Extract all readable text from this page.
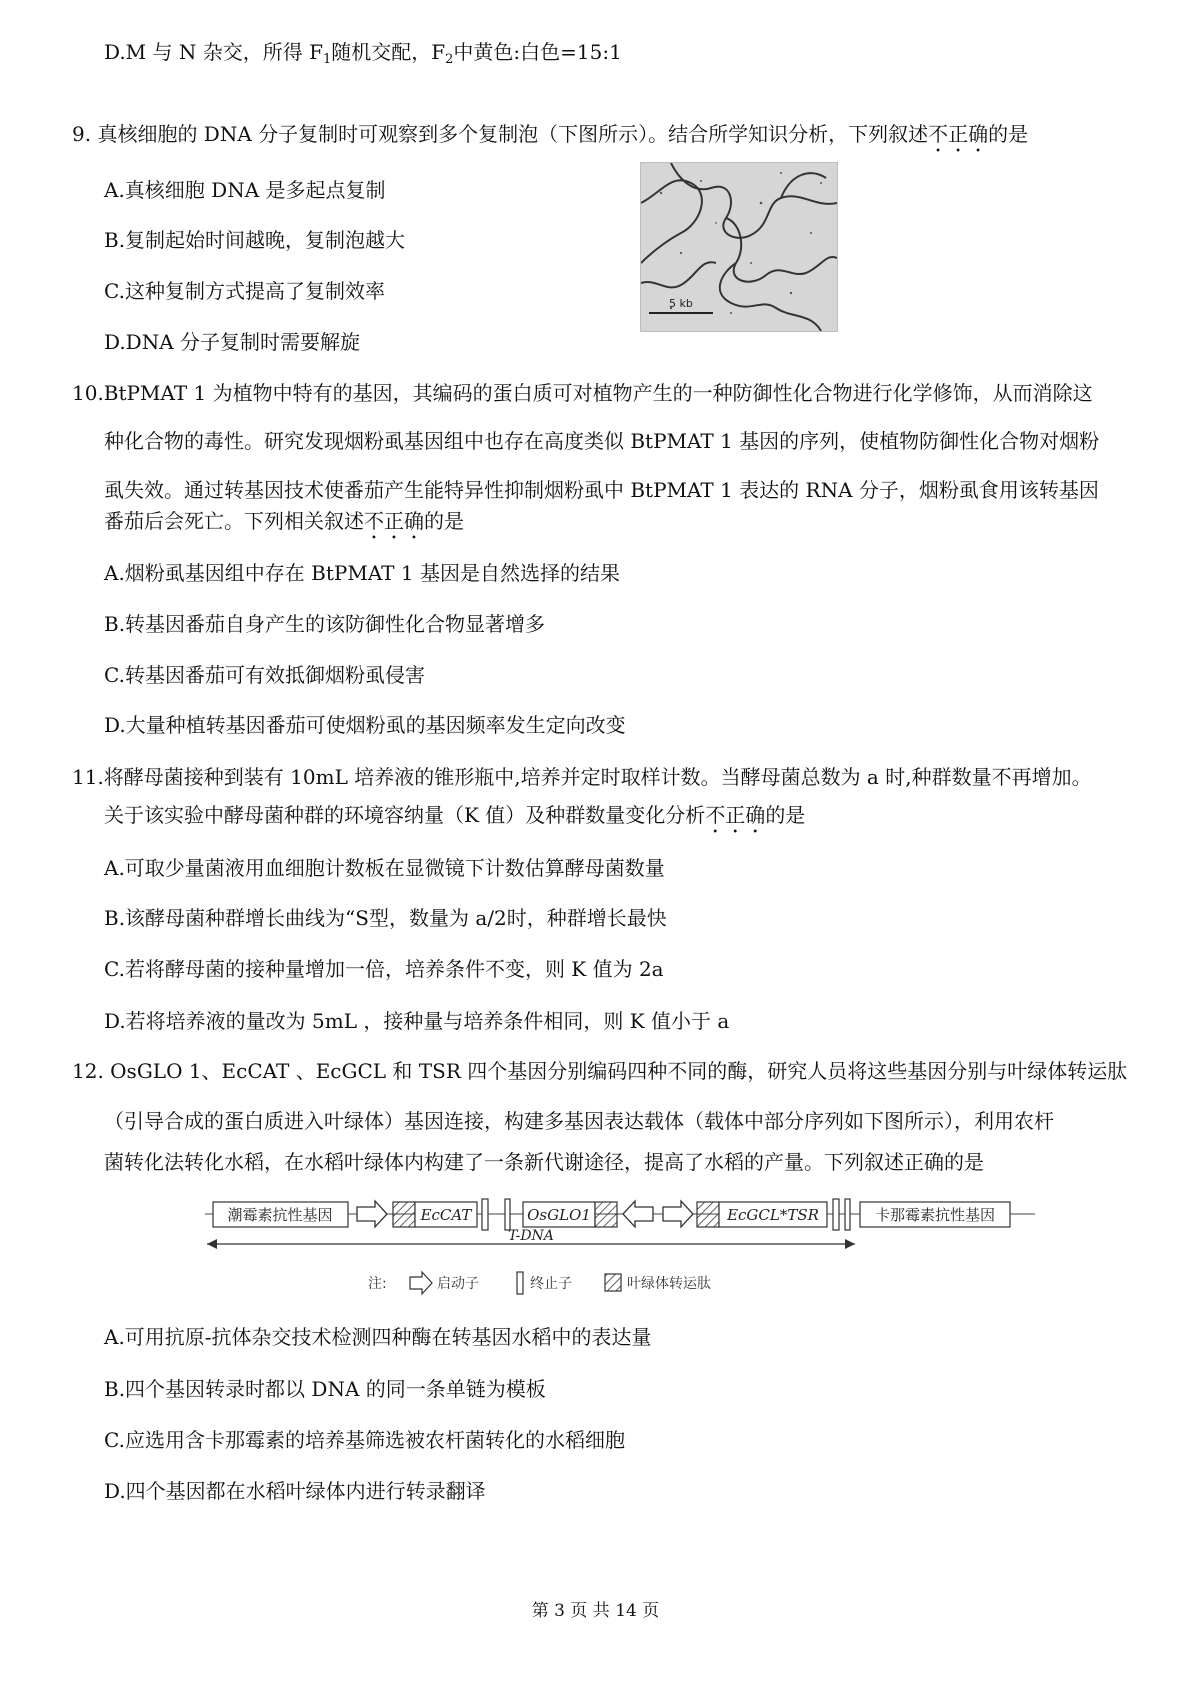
D.M 与 N 杂交，所得 $F_1$随机交配，$F_2$中黄色:白色=15:1
9. 真核细胞的 DNA 分子复制时可观察到多个复制泡（下图所示）。结合所学知识分析，下列叙述不正确的是
A.真核细胞 DNA 是多起点复制
B.复制起始时间越晚，复制泡越大
C.这种复制方式提高了复制效率
D.DNA 分子复制时需要解旋
5 kb
10.BtPMAT 1 为植物中特有的基因，其编码的蛋白质可对植物产生的一种防御性化合物进行化学修饰，从而消除这
种化合物的毒性。研究发现烟粉虱基因组中也存在高度类似 BtPMAT 1 基因的序列，使植物防御性化合物对烟粉
虱失效。通过转基因技术使番茄产生能特异性抑制烟粉虱中 BtPMAT 1 表达的 RNA 分子，烟粉虱食用该转基因
番茄后会死亡。下列相关叙述不正确的是
A.烟粉虱基因组中存在 BtPMAT 1 基因是自然选择的结果
B.转基因番茄自身产生的该防御性化合物显著增多
C.转基因番茄可有效抵御烟粉虱侵害
D.大量种植转基因番茄可使烟粉虱的基因频率发生定向改变
11.将酵母菌接种到装有 10mL 培养液的锥形瓶中,培养并定时取样计数。当酵母菌总数为 a 时,种群数量不再增加。
关于该实验中酵母菌种群的环境容纳量（K 值）及种群数量变化分析不正确的是
A.可取少量菌液用血细胞计数板在显微镜下计数估算酵母菌数量
B.该酵母菌种群增长曲线为“S型，数量为 a/2时，种群增长最快
C.若将酵母菌的接种量增加一倍，培养条件不变，则 K 值为 2a
D.若将培养液的量改为 5mL ，接种量与培养条件相同，则 K 值小于 a
12. OsGLO 1、EcCAT 、EcGCL 和 TSR 四个基因分别编码四种不同的酶，研究人员将这些基因分别与叶绿体转运肽
（引导合成的蛋白质进入叶绿体）基因连接，构建多基因表达载体（载体中部分序列如下图所示），利用农杆
菌转化法转化水稻，在水稻叶绿体内构建了一条新代谢途径，提高了水稻的产量。下列叙述正确的是
潮霉素抗性基因	EcCAT	OsGLO1	EcGCL*TSR	卡那霉素抗性基因
T-DNA
注:	启动子	终止子	叶绿体转运肽
A.可用抗原-抗体杂交技术检测四种酶在转基因水稻中的表达量
B.四个基因转录时都以 DNA 的同一条单链为模板
C.应选用含卡那霉素的培养基筛选被农杆菌转化的水稻细胞
D.四个基因都在水稻叶绿体内进行转录翻译
第 3 页 共 14 页
